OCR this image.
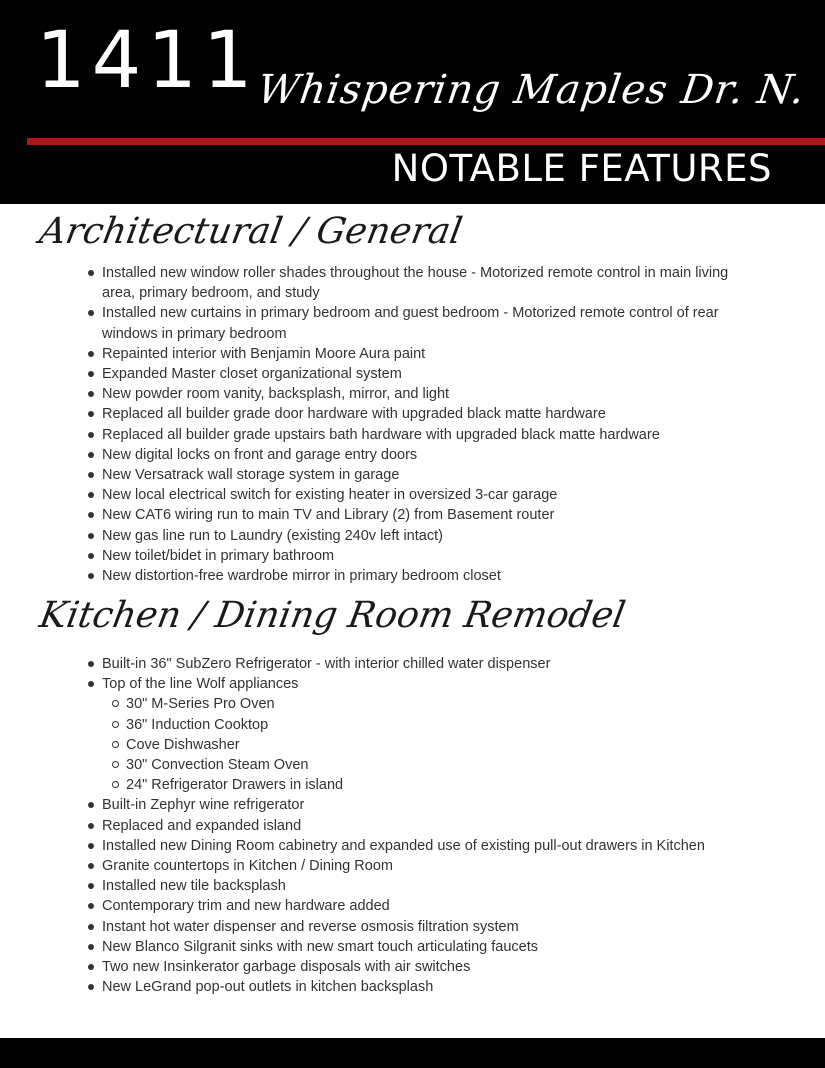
1411
Whispering Maples Dr. N.
NOTABLE FEATURES
Architectural / General
Installed new window roller shades throughout the house - Motorized remote control in main living area, primary bedroom, and study
Installed new curtains in primary bedroom and guest bedroom - Motorized remote control of rear windows in primary bedroom
Repainted interior with Benjamin Moore Aura paint
Expanded Master closet organizational system
New powder room vanity, backsplash, mirror, and light
Replaced all builder grade door hardware with upgraded black matte hardware
Replaced all builder grade upstairs bath hardware with upgraded black matte hardware
New digital locks on front and garage entry doors
New Versatrack wall storage system in garage
New local electrical switch for existing heater in oversized 3-car garage
New CAT6 wiring run to main TV and Library (2) from Basement router
New gas line run to Laundry (existing 240v left intact)
New toilet/bidet in primary bathroom
New distortion-free wardrobe mirror in primary bedroom closet
Kitchen / Dining Room Remodel
Built-in 36" SubZero Refrigerator - with interior chilled water dispenser
Top of the line Wolf appliances
30" M-Series Pro Oven
36" Induction Cooktop
Cove Dishwasher
30" Convection Steam Oven
24" Refrigerator Drawers in island
Built-in Zephyr wine refrigerator
Replaced and expanded island
Installed new Dining Room cabinetry and expanded use of existing pull-out drawers in Kitchen
Granite countertops in Kitchen / Dining Room
Installed new tile backsplash
Contemporary trim and new hardware added
Instant hot water dispenser and reverse osmosis filtration system
New Blanco Silgranit sinks with new smart touch articulating faucets
Two new Insinkerator garbage disposals with air switches
New LeGrand pop-out outlets in kitchen backsplash
